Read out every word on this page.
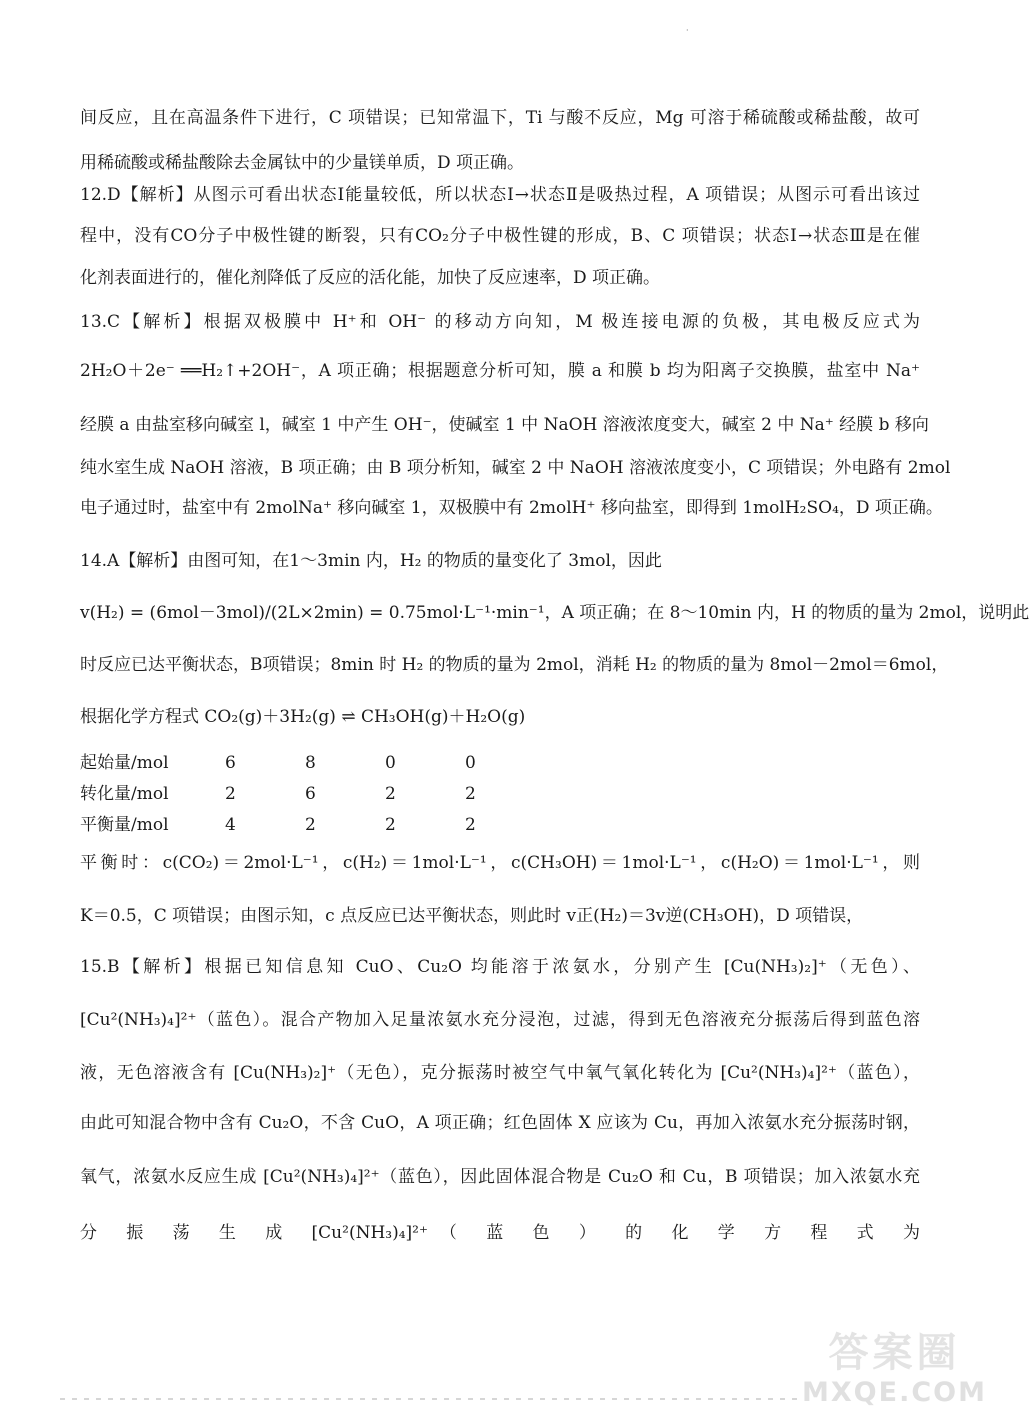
·
间反应，且在高温条件下进行，C 项错误；已知常温下，Ti 与酸不反应，Mg 可溶于稀硫酸或稀盐酸，故可
用稀硫酸或稀盐酸除去金属钛中的少量镁单质，D 项正确。
12.D【解析】从图示可看出状态Ⅰ能量较低，所以状态Ⅰ→状态Ⅱ是吸热过程，A 项错误；从图示可看出该过
程中，没有CO分子中极性键的断裂，只有CO₂分子中极性键的形成，B、C 项错误；状态Ⅰ→状态Ⅲ是在催
化剂表面进行的，催化剂降低了反应的活化能，加快了反应速率，D 项正确。
13.C【解析】根据双极膜中 H⁺和 OH⁻ 的移动方向知，M 极连接电源的负极，其电极反应式为
2H₂O＋2e⁻ ══H₂↑+2OH⁻，A 项正确；根据题意分析可知，膜 a 和膜 b 均为阳离子交换膜，盐室中 Na⁺
经膜 a 由盐室移向碱室 l，碱室 1 中产生 OH⁻，使碱室 1 中 NaOH 溶液浓度变大，碱室 2 中 Na⁺ 经膜 b 移向
纯水室生成 NaOH 溶液，B 项正确；由 B 项分析知，碱室 2 中 NaOH 溶液浓度变小，C 项错误；外电路有 2mol
电子通过时，盐室中有 2molNa⁺ 移向碱室 1，双极膜中有 2molH⁺ 移向盐室，即得到 1molH₂SO₄，D 项正确。
14.A【解析】由图可知，在1～3min 内，H₂ 的物质的量变化了 3mol，因此
v(H₂) = (6mol－3mol)/(2L×2min) = 0.75mol·L⁻¹·min⁻¹，A 项正确；在 8～10min 内，H 的物质的量为 2mol，说明此
时反应已达平衡状态，B项错误；8min 时 H₂ 的物质的量为 2mol，消耗 H₂ 的物质的量为 8mol－2mol＝6mol，
根据化学方程式 CO₂(g)＋3H₂(g) ⇌ CH₃OH(g)＋H₂O(g)
平衡时：c(CO₂)＝2mol·L⁻¹，c(H₂)＝1mol·L⁻¹，c(CH₃OH)＝1mol·L⁻¹，c(H₂O)＝1mol·L⁻¹，则
K＝0.5，C 项错误；由图示知，c 点反应已达平衡状态，则此时 v正(H₂)＝3v逆(CH₃OH)，D 项错误，
15.B【解析】根据已知信息知 CuO、Cu₂O 均能溶于浓氨水，分别产生 [Cu(NH₃)₂]⁺（无色）、
[Cu²(NH₃)₄]²⁺（蓝色）。混合产物加入足量浓氨水充分浸泡，过滤，得到无色溶液充分振荡后得到蓝色溶
液，无色溶液含有 [Cu(NH₃)₂]⁺（无色），克分振荡时被空气中氧气氧化转化为 [Cu²(NH₃)₄]²⁺（蓝色），
由此可知混合物中含有 Cu₂O，不含 CuO，A 项正确；红色固体 X 应该为 Cu，再加入浓氨水充分振荡时钢，
氧气，浓氨水反应生成 [Cu²(NH₃)₄]²⁺（蓝色），因此固体混合物是 Cu₂O 和 Cu，B 项错误；加入浓氨水充
分 振 荡 生 成 [Cu²(NH₃)₄]²⁺（ 蓝 色 ） 的 化 学 方 程 式 为
起始量/mol	6	8	0	0
转化量/mol	2	6	2	2
平衡量/mol	4	2	2	2
答案圈
MXQE.COM
